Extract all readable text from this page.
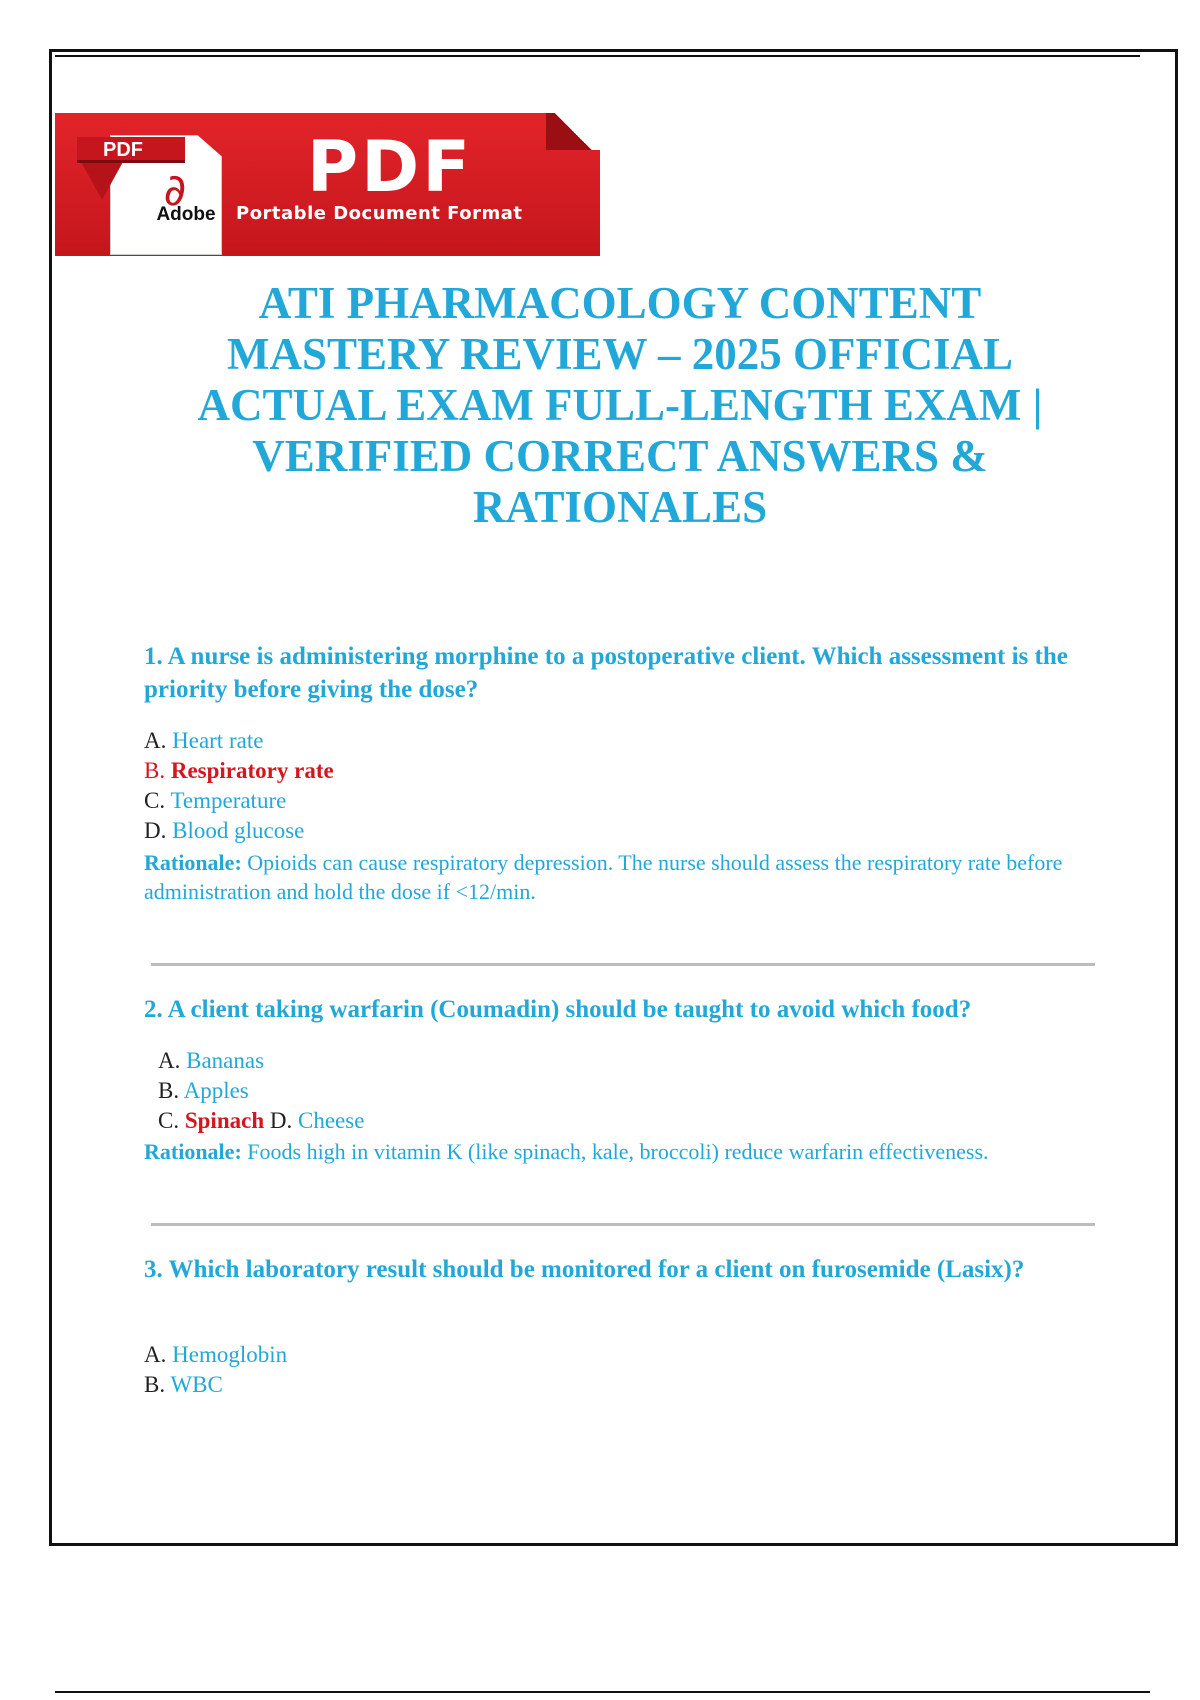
PDF
∂
Adobe
PDF
Portable Document Format
ATI PHARMACOLOGY CONTENT MASTERY REVIEW – 2025 OFFICIAL ACTUAL EXAM FULL-LENGTH EXAM | VERIFIED CORRECT ANSWERS & RATIONALES

1. A nurse is administering morphine to a postoperative client. Which assessment is the priority before giving the dose?

A. Heart rate
B. Respiratory rate
C. Temperature
D. Blood glucose
Rationale: Opioids can cause respiratory depression. The nurse should assess the respiratory rate before administration and hold the dose if <12/min.

2. A client taking warfarin (Coumadin) should be taught to avoid which food?

A. Bananas
B. Apples
C. Spinach D. Cheese
Rationale: Foods high in vitamin K (like spinach, kale, broccoli) reduce warfarin effectiveness.

3. Which laboratory result should be monitored for a client on furosemide (Lasix)?

A. Hemoglobin
B. WBC
